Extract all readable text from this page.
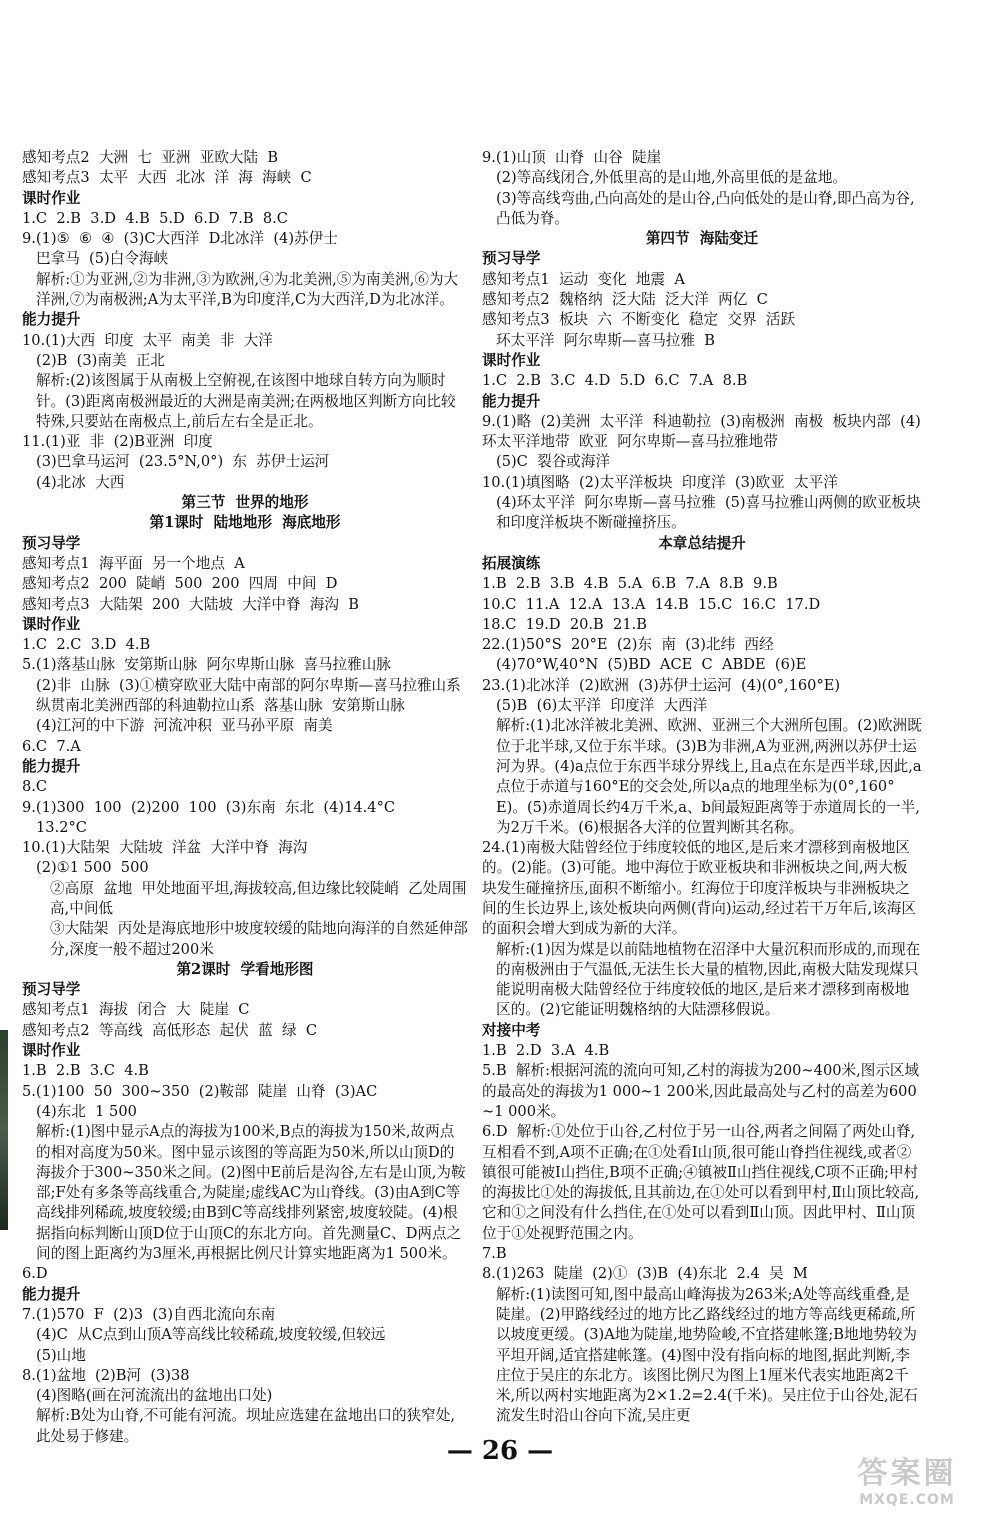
感知考点2  大洲  七  亚洲  亚欧大陆  B
感知考点3  太平  大西  北冰  洋  海  海峡  C
课时作业
1.C  2.B  3.D  4.B  5.D  6.D  7.B  8.C
9.(1)⑤  ⑥  ④  (3)C大西洋  D北冰洋  (4)苏伊士
巴拿马  (5)白令海峡
解析:①为亚洲,②为非洲,③为欧洲,④为北美洲,⑤为南美洲,⑥为大洋洲,⑦为南极洲;A为太平洋,B为印度洋,C为大西洋,D为北冰洋。
能力提升
10.(1)大西  印度  太平  南美  非  大洋
(2)B  (3)南美  正北
解析:(2)该图属于从南极上空俯视,在该图中地球自转方向为顺时针。(3)距离南极洲最近的大洲是南美洲;在两极地区判断方向比较特殊,只要站在南极点上,前后左右全是正北。
11.(1)亚  非  (2)B亚洲  印度
(3)巴拿马运河  (23.5°N,0°)  东  苏伊士运河
(4)北冰  大西
第三节  世界的地形
第1课时  陆地地形  海底地形
预习导学
感知考点1  海平面  另一个地点  A
感知考点2  200  陡峭  500  200  四周  中间  D
感知考点3  大陆架  200  大陆坡  大洋中脊  海沟  B
课时作业
1.C  2.C  3.D  4.B
5.(1)落基山脉  安第斯山脉  阿尔卑斯山脉  喜马拉雅山脉
(2)非  山脉  (3)①横穿欧亚大陆中南部的阿尔卑斯—喜马拉雅山系  纵贯南北美洲西部的科迪勒拉山系  落基山脉  安第斯山脉
(4)江河的中下游  河流冲积  亚马孙平原  南美
6.C  7.A
能力提升
8.C
9.(1)300  100  (2)200  100  (3)东南  东北  (4)14.4°C
13.2°C
10.(1)大陆架  大陆坡  洋盆  大洋中脊  海沟
(2)①1 500  500
②高原  盆地  甲处地面平坦,海拔较高,但边缘比较陡峭  乙处周围高,中间低
③大陆架  丙处是海底地形中坡度较缓的陆地向海洋的自然延伸部分,深度一般不超过200米
第2课时  学看地形图
预习导学
感知考点1  海拔  闭合  大  陡崖  C
感知考点2  等高线  高低形态  起伏  蓝  绿  C
课时作业
1.B  2.B  3.C  4.B
5.(1)100  50  300~350  (2)鞍部  陡崖  山脊  (3)AC
(4)东北  1 500
解析:(1)图中显示A点的海拔为100米,B点的海拔为150米,故两点的相对高度为50米。图中显示该图的等高距为50米,所以山顶D的海拔介于300~350米之间。(2)图中E前后是沟谷,左右是山顶,为鞍部;F处有多条等高线重合,为陡崖;虚线AC为山脊线。(3)由A到C等高线排列稀疏,坡度较缓;由B到C等高线排列紧密,坡度较陡。(4)根据指向标判断山顶D位于山顶C的东北方向。首先测量C、D两点之间的图上距离约为3厘米,再根据比例尺计算实地距离为1 500米。
6.D
能力提升
7.(1)570  F  (2)3  (3)自西北流向东南
(4)C  从C点到山顶A等高线比较稀疏,坡度较缓,但较远
(5)山地
8.(1)盆地  (2)B河  (3)38
(4)图略(画在河流流出的盆地出口处)
解析:B处为山脊,不可能有河流。坝址应选建在盆地出口的狭窄处,此处易于修建。
9.(1)山顶  山脊  山谷  陡崖
(2)等高线闭合,外低里高的是山地,外高里低的是盆地。
(3)等高线弯曲,凸向高处的是山谷,凸向低处的是山脊,即凸高为谷,凸低为脊。
第四节  海陆变迁
预习导学
感知考点1  运动  变化  地震  A
感知考点2  魏格纳  泛大陆  泛大洋  两亿  C
感知考点3  板块  六  不断变化  稳定  交界  活跃
环太平洋  阿尔卑斯—喜马拉雅  B
课时作业
1.C  2.B  3.C  4.D  5.D  6.C  7.A  8.B
能力提升
9.(1)略  (2)美洲  太平洋  科迪勒拉  (3)南极洲  南极  板块内部  (4)环太平洋地带  欧亚  阿尔卑斯—喜马拉雅地带
(5)C  裂谷或海洋
10.(1)填图略  (2)太平洋板块  印度洋  (3)欧亚  太平洋
(4)环太平洋  阿尔卑斯—喜马拉雅  (5)喜马拉雅山两侧的欧亚板块和印度洋板块不断碰撞挤压。
本章总结提升
拓展演练
1.B  2.B  3.B  4.B  5.A  6.B  7.A  8.B  9.B
10.C  11.A  12.A  13.A  14.B  15.C  16.C  17.D
18.C  19.D  20.B  21.B
22.(1)50°S  20°E  (2)东  南  (3)北纬  西经
(4)70°W,40°N  (5)BD  ACE  C  ABDE  (6)E
23.(1)北冰洋  (2)欧洲  (3)苏伊士运河  (4)(0°,160°E)
(5)B  (6)太平洋  印度洋  大西洋
解析:(1)北冰洋被北美洲、欧洲、亚洲三个大洲所包围。(2)欧洲既位于北半球,又位于东半球。(3)B为非洲,A为亚洲,两洲以苏伊士运河为界。(4)a点位于东西半球分界线上,且a点在东是西半球,因此,a点位于赤道与160°E的交会处,所以a点的地理坐标为(0°,160°E)。(5)赤道周长约4万千米,a、b间最短距离等于赤道周长的一半,为2万千米。(6)根据各大洋的位置判断其名称。
24.(1)南极大陆曾经位于纬度较低的地区,是后来才漂移到南极地区的。(2)能。(3)可能。地中海位于欧亚板块和非洲板块之间,两大板块发生碰撞挤压,面积不断缩小。红海位于印度洋板块与非洲板块之间的生长边界上,该处板块向两侧(背向)运动,经过若干万年后,该海区的面积会增大到成为新的大洋。
解析:(1)因为煤是以前陆地植物在沼泽中大量沉积而形成的,而现在的南极洲由于气温低,无法生长大量的植物,因此,南极大陆发现煤只能说明南极大陆曾经位于纬度较低的地区,是后来才漂移到南极地区的。(2)它能证明魏格纳的大陆漂移假说。
对接中考
1.B  2.D  3.A  4.B
5.B  解析:根据河流的流向可知,乙村的海拔为200~400米,图示区域的最高处的海拔为1 000~1 200米,因此最高处与乙村的高差为600~1 000米。
6.D  解析:①处位于山谷,乙村位于另一山谷,两者之间隔了两处山脊,互相看不到,A项不正确;在①处看Ⅰ山顶,很可能山脊挡住视线,或者②镇很可能被Ⅰ山挡住,B项不正确;④镇被Ⅱ山挡住视线,C项不正确;甲村的海拔比①处的海拔低,且其前边,在①处可以看到甲村,Ⅱ山顶比较高,它和①之间没有什么挡住,在①处可以看到Ⅱ山顶。因此甲村、Ⅱ山顶位于①处视野范围之内。
7.B
8.(1)263  陡崖  (2)①  (3)B  (4)东北  2.4  吴  M
解析:(1)读图可知,图中最高山峰海拔为263米;A处等高线重叠,是陡崖。(2)甲路线经过的地方比乙路线经过的地方等高线更稀疏,所以坡度更缓。(3)A地为陡崖,地势险峻,不宜搭建帐篷;B地地势较为平坦开阔,适宜搭建帐篷。(4)图中没有指向标的地图,据此判断,李庄位于吴庄的东北方。该图比例尺为图上1厘米代表实地距离2千米,所以两村实地距离为2×1.2=2.4(千米)。吴庄位于山谷处,泥石流发生时沿山谷向下流,吴庄更
— 26 —
答案圈
MXQE.COM
